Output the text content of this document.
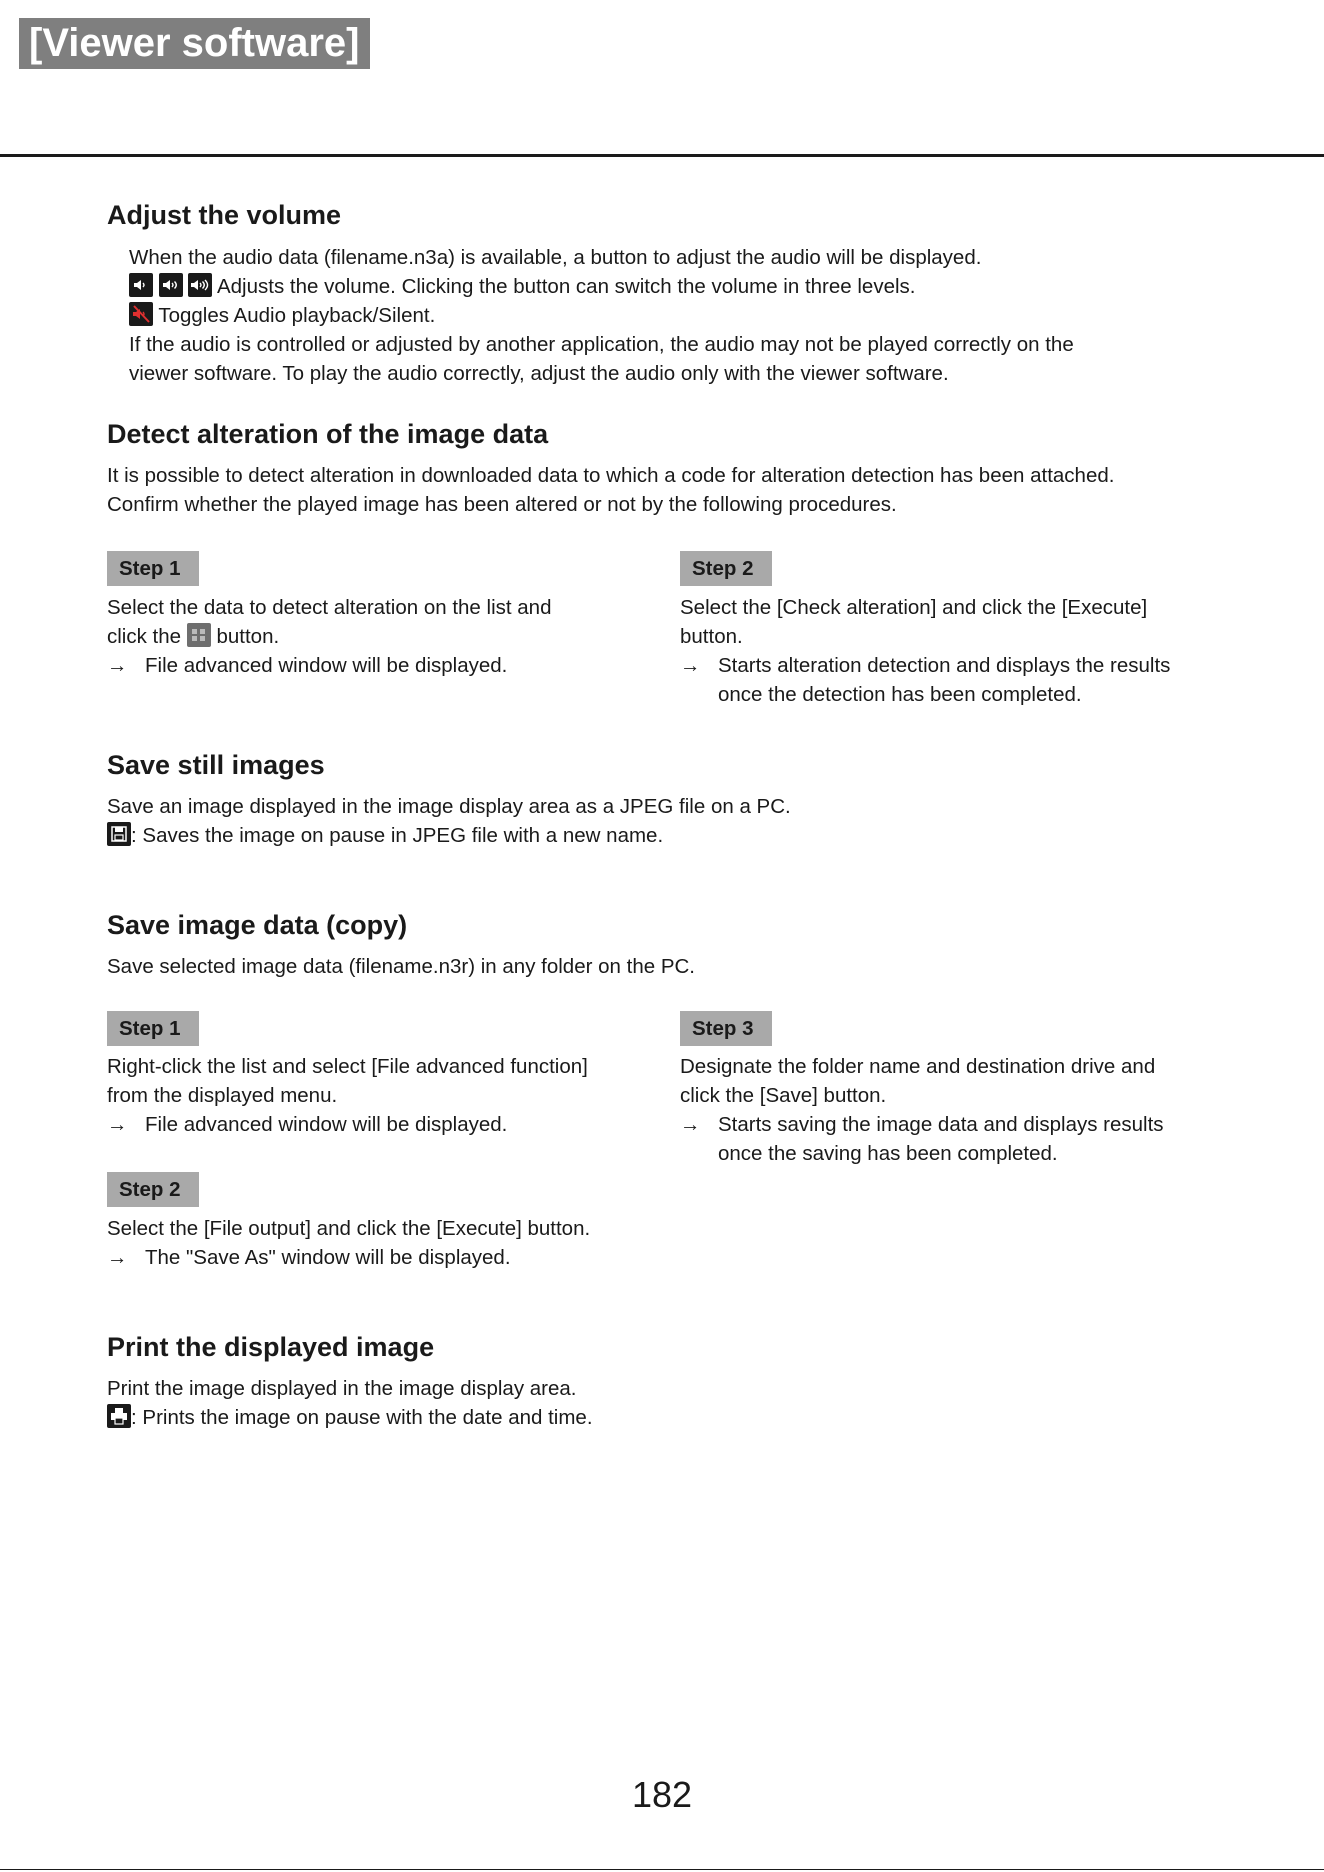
[Viewer software]
Adjust the volume

When the audio data (filename.n3a) is available, a button to adjust the audio will be displayed.

Adjusts the volume. Clicking the button can switch the volume in three levels.

Toggles Audio playback/Silent.

If the audio is controlled or adjusted by another application, the audio may not be played correctly on the

viewer software. To play the audio correctly, adjust the audio only with the viewer software.

Detect alteration of the image data

It is possible to detect alteration in downloaded data to which a code for alteration detection has been attached.

Confirm whether the played image has been altered or not by the following procedures.

Step 1

Select the data to detect alteration on the list and

click the button.

→ File advanced window will be displayed.

Step 2

Select the [Check alteration] and click the [Execute]

button.

→ Starts alteration detection and displays the results

once the detection has been completed.

Save still images

Save an image displayed in the image display area as a JPEG file on a PC.

: Saves the image on pause in JPEG file with a new name.

Save image data (copy)

Save selected image data (filename.n3r) in any folder on the PC.

Step 1

Right-click the list and select [File advanced function]

from the displayed menu.

→ File advanced window will be displayed.

Step 2

Select the [File output] and click the [Execute] button.

→ The "Save As" window will be displayed.

Step 3

Designate the folder name and destination drive and

click the [Save] button.

→ Starts saving the image data and displays results

once the saving has been completed.

Print the displayed image

Print the image displayed in the image display area.

: Prints the image on pause with the date and time.

182
